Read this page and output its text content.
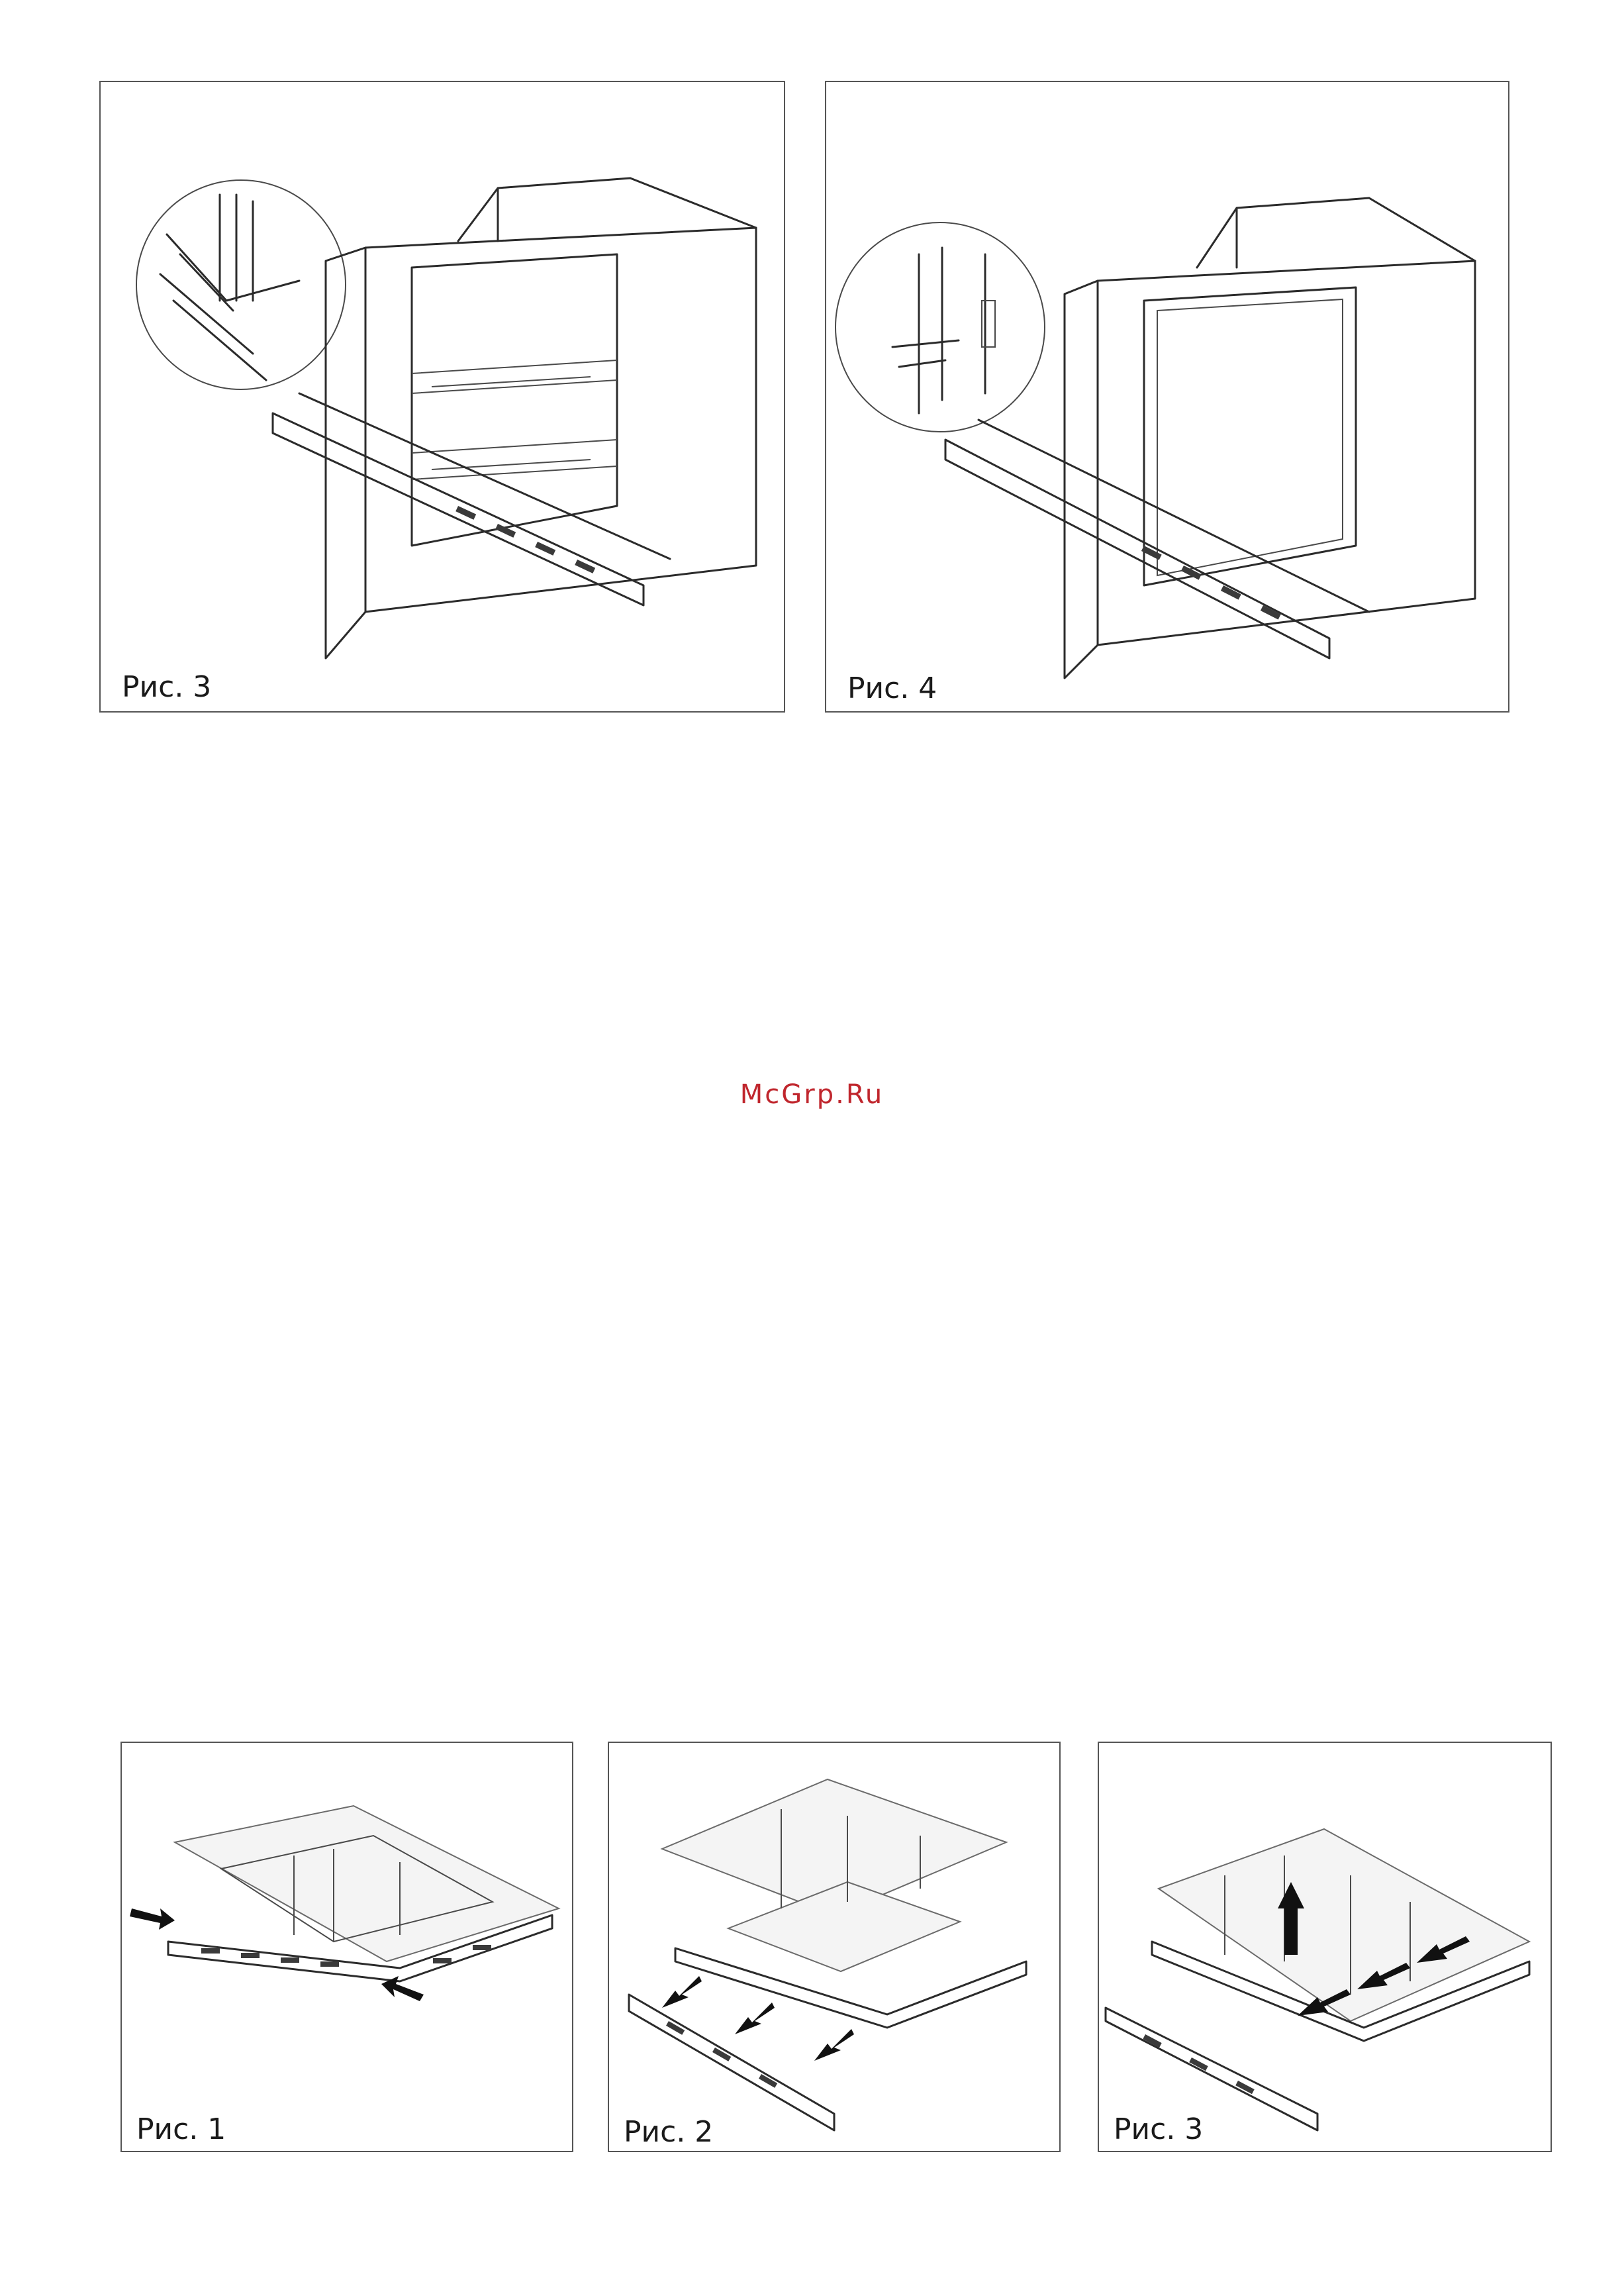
Рис. 3	Рис. 4
McGrp.Ru
Рис. 1	Рис. 2	Рис. 3
